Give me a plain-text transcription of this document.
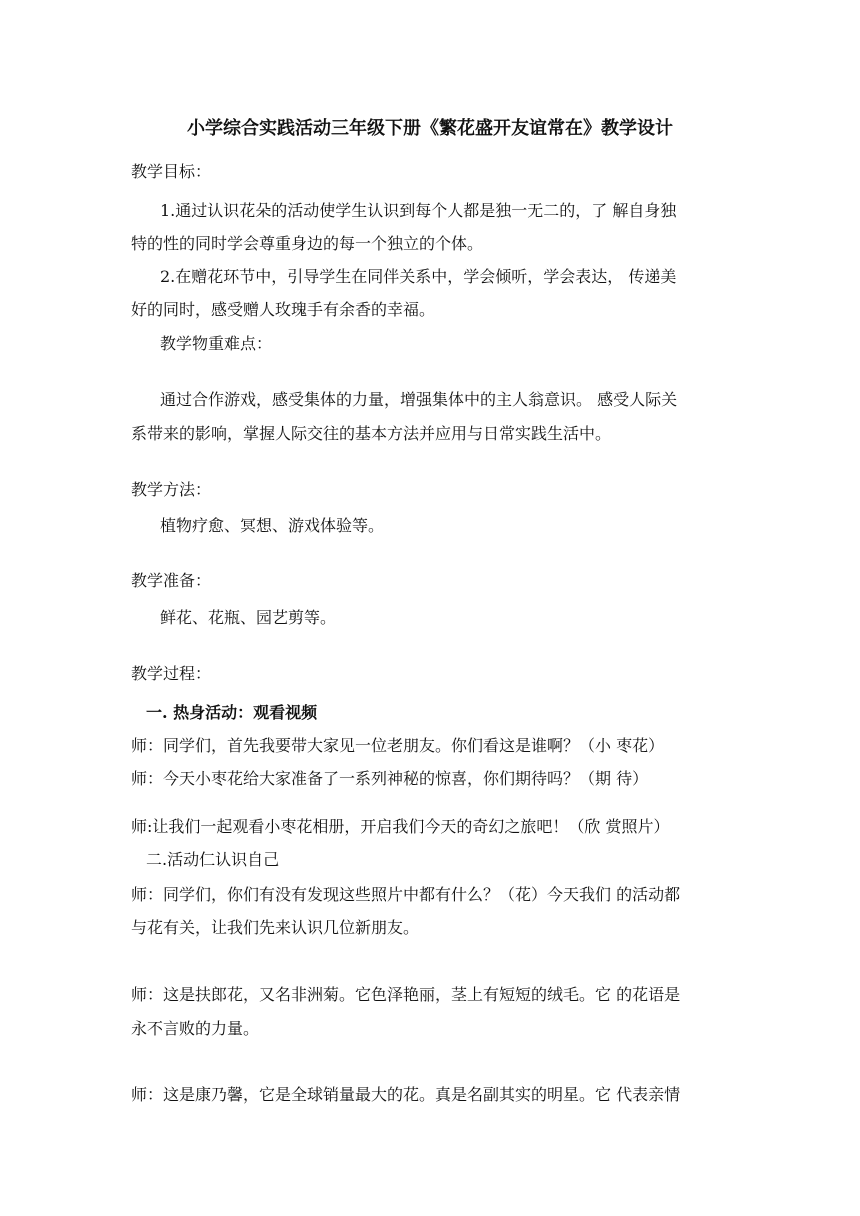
小学综合实践活动三年级下册《繁花盛开友谊常在》教学设计
教学目标：
1.通过认识花朵的活动使学生认识到每个人都是独一无二的，了 解自身独
特的性的同时学会尊重身边的每一个独立的个体。
2.在赠花环节中，引导学生在同伴关系中，学会倾听，学会表达， 传递美
好的同时，感受赠人玫瑰手有余香的幸福。
教学物重难点：
通过合作游戏，感受集体的力量，增强集体中的主人翁意识。 感受人际关
系带来的影响，掌握人际交往的基本方法并应用与日常实践生活中。
教学方法：
植物疗愈、冥想、游戏体验等。
教学准备：
鲜花、花瓶、园艺剪等。
教学过程：
一. 热身活动：观看视频
师：同学们，首先我要带大家见一位老朋友。你们看这是谁啊？（小 枣花）
师：今天小枣花给大家准备了一系列神秘的惊喜，你们期待吗？（期 待）
师:让我们一起观看小枣花相册，开启我们今天的奇幻之旅吧！（欣 赏照片）
二.活动仁认识自己
师：同学们，你们有没有发现这些照片中都有什么？（花）今天我们 的活动都
与花有关，让我们先来认识几位新朋友。
师：这是扶郎花，又名非洲菊。它色泽艳丽，茎上有短短的绒毛。它 的花语是
永不言败的力量。
师：这是康乃馨，它是全球销量最大的花。真是名副其实的明星。它 代表亲情
